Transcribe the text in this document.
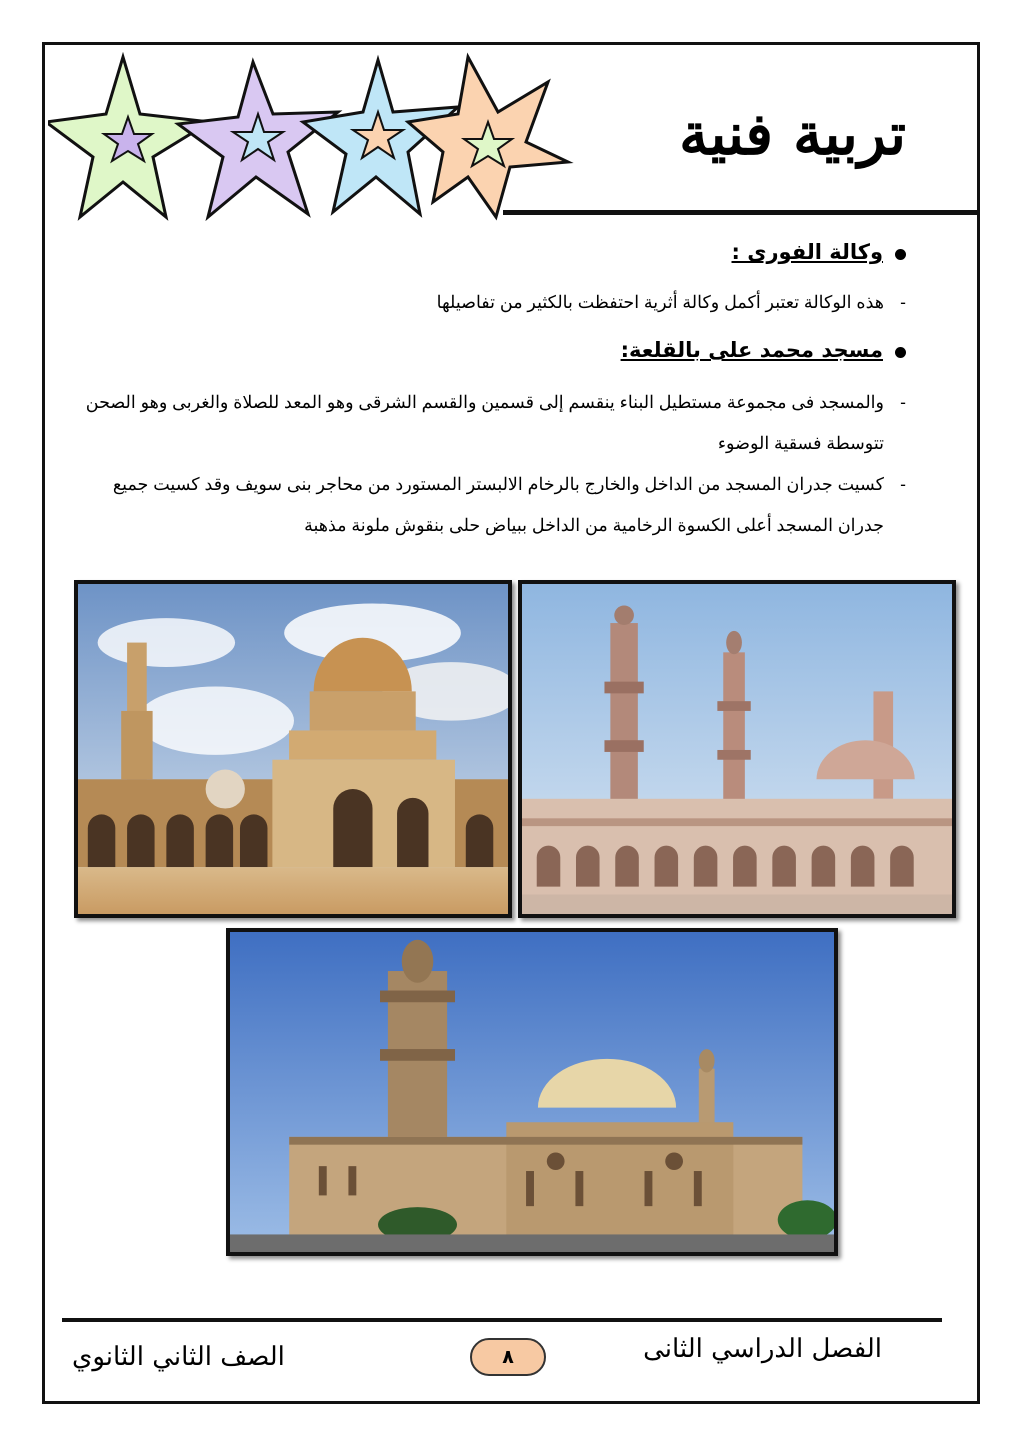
تربية فنية
وكالة الفورى :
-
هذه الوكالة تعتبر أكمل وكالة أثرية احتفظت بالكثير من تفاصيلها
مسجد محمد على بالقلعة:
-
والمسجد فى مجموعة مستطيل البناء ينقسم إلى قسمين والقسم الشرقى وهو المعد للصلاة والغربى وهو الصحن تتوسطة فسقية الوضوء
-
كسيت جدران المسجد من الداخل والخارج بالرخام الالبستر المستورد من محاجر بنى سويف وقد كسيت جميع جدران المسجد أعلى الكسوة الرخامية من الداخل ببياض حلى بنقوش ملونة مذهبة
الصف الثاني الثانوي	٨	الفصل الدراسي الثانى
